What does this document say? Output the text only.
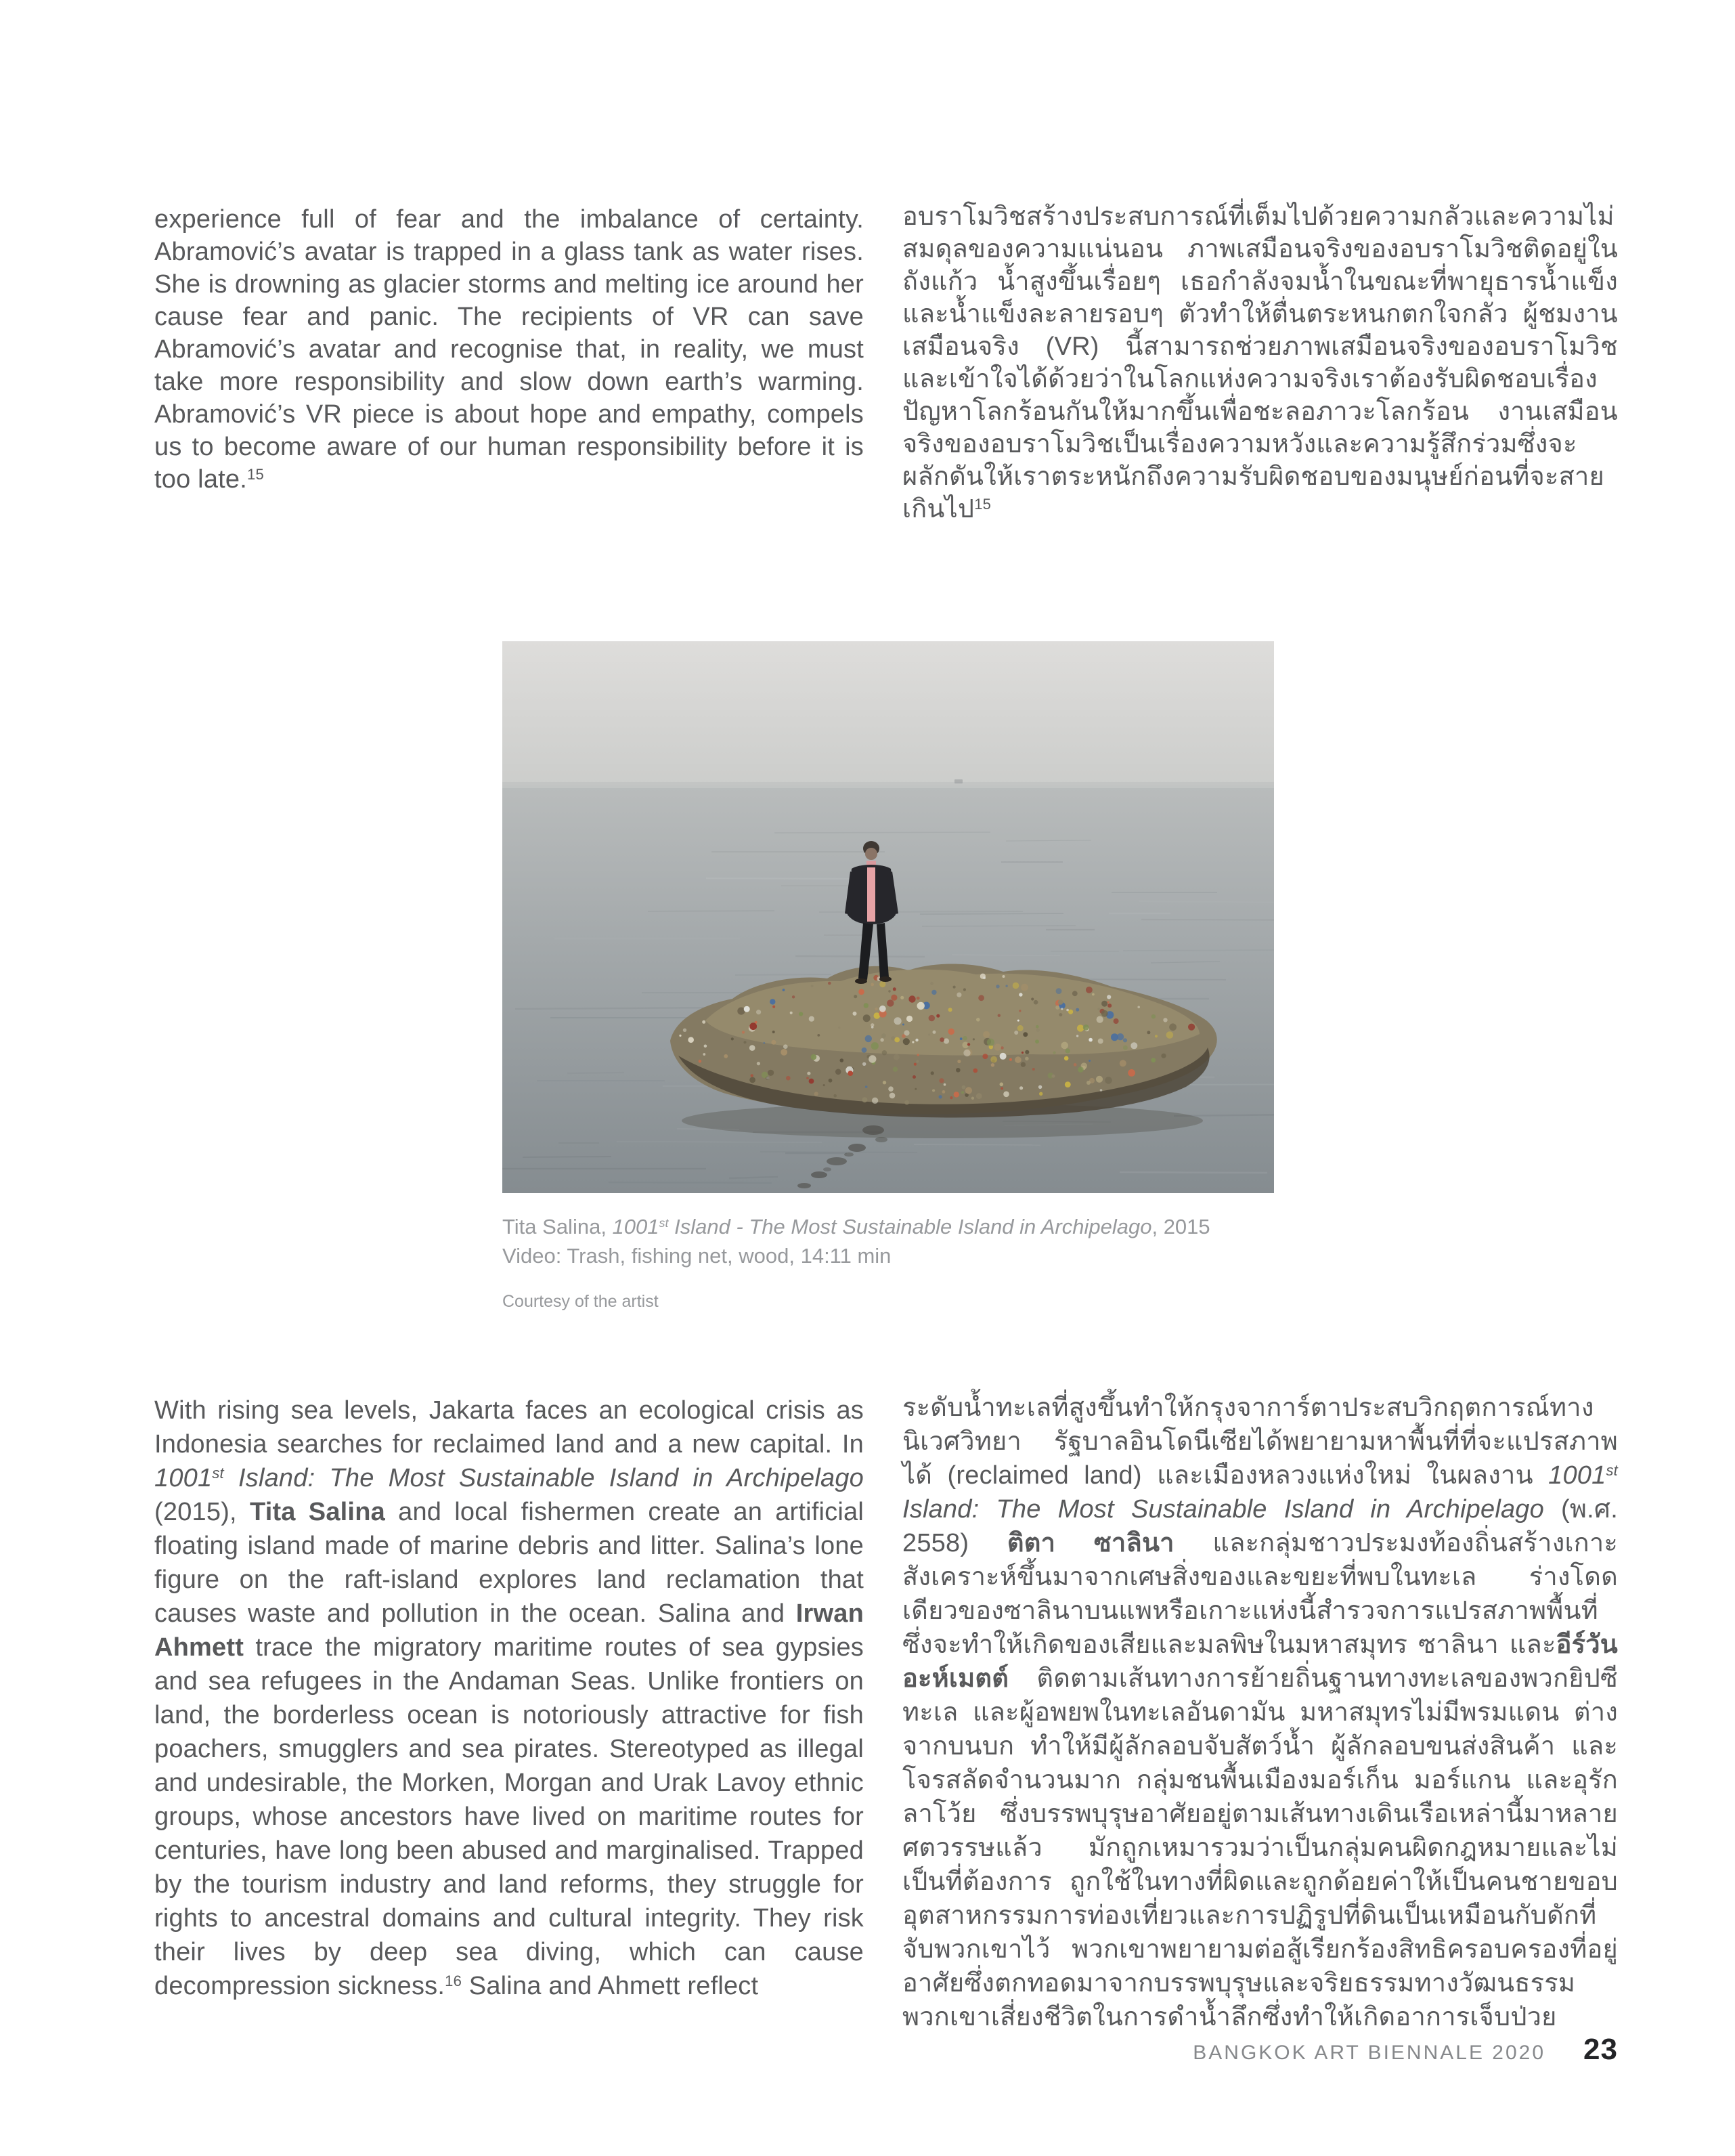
experience full of fear and the imbalance of certainty. Abramović’s avatar is trapped in a glass tank as water rises. She is drowning as glacier storms and melting ice around her cause fear and panic. The recipients of VR can save Abramović’s avatar and recognise that, in reality, we must take more responsibility and slow down earth’s warming. Abramović’s VR piece is about hope and empathy, compels us to become aware of our human responsibility before it is too late.$^{15}$

อบราโมวิชสร้างประสบการณ์ที่เต็มไปด้วยความกลัวและความไม่สมดุลของความแน่นอน ภาพเสมือนจริงของอบราโมวิชติดอยู่ในถังแก้ว น้ำสูงขึ้นเรื่อยๆ เธอกำลังจมน้ำในขณะที่พายุธารน้ำแข็งและน้ำแข็งละลายรอบๆ ตัวทำให้ตื่นตระหนกตกใจกลัว ผู้ชมงานเสมือนจริง (VR) นี้สามารถช่วยภาพเสมือนจริงของอบราโมวิช และเข้าใจได้ด้วยว่าในโลกแห่งความจริงเราต้องรับผิดชอบเรื่องปัญหาโลกร้อนกันให้มากขึ้นเพื่อชะลอภาวะโลกร้อน งานเสมือนจริงของอบราโมวิชเป็นเรื่องความหวังและความรู้สึกร่วมซึ่งจะผลักดันให้เราตระหนักถึงความรับผิดชอบของมนุษย์ก่อนที่จะสายเกินไป$^{15}$

Tita Salina, 1001st Island - The Most Sustainable Island in Archipelago, 2015
Video: Trash, fishing net, wood, 14:11 min
Courtesy of the artist

With rising sea levels, Jakarta faces an ecological crisis as Indonesia searches for reclaimed land and a new capital. In 1001st Island: The Most Sustainable Island in Archipelago (2015), Tita Salina and local fishermen create an artificial floating island made of marine debris and litter. Salina’s lone figure on the raft-island explores land reclamation that causes waste and pollution in the ocean. Salina and Irwan Ahmett trace the migratory maritime routes of sea gypsies and sea refugees in the Andaman Seas. Unlike frontiers on land, the borderless ocean is notoriously attractive for fish poachers, smugglers and sea pirates. Stereotyped as illegal and undesirable, the Morken, Morgan and Urak Lavoy ethnic groups, whose ancestors have lived on maritime routes for centuries, have long been abused and marginalised. Trapped by the tourism industry and land reforms, they struggle for rights to ancestral domains and cultural integrity. They risk their lives by deep sea diving, which can cause decompression sickness.$^{16}$ Salina and Ahmett reflect

ระดับน้ำทะเลที่สูงขึ้นทำให้กรุงจาการ์ตาประสบวิกฤตการณ์ทางนิเวศวิทยา รัฐบาลอินโดนีเซียได้พยายามหาพื้นที่ที่จะแปรสภาพได้ (reclaimed land) และเมืองหลวงแห่งใหม่ ในผลงาน 1001st Island: The Most Sustainable Island in Archipelago (พ.ศ. 2558) ติตา ซาลินา และกลุ่มชาวประมงท้องถิ่นสร้างเกาะสังเคราะห์ขึ้นมาจากเศษสิ่งของและขยะที่พบในทะเล ร่างโดดเดียวของซาลินาบนแพหรือเกาะแห่งนี้สำรวจการแปรสภาพพื้นที่ซึ่งจะทำให้เกิดของเสียและมลพิษในมหาสมุทร ซาลินา และอีร์วัน อะห์เมตต์ ติดตามเส้นทางการย้ายถิ่นฐานทางทะเลของพวกยิปซีทะเล และผู้อพยพในทะเลอันดามัน มหาสมุทรไม่มีพรมแดน ต่างจากบนบก ทำให้มีผู้ลักลอบจับสัตว์น้ำ ผู้ลักลอบขนส่งสินค้า และโจรสลัดจำนวนมาก กลุ่มชนพื้นเมืองมอร์เก็น มอร์แกน และอุรัก ลาโว้ย ซึ่งบรรพบุรุษอาศัยอยู่ตามเส้นทางเดินเรือเหล่านี้มาหลายศตวรรษแล้ว มักถูกเหมารวมว่าเป็นกลุ่มคนผิดกฎหมายและไม่เป็นที่ต้องการ ถูกใช้ในทางที่ผิดและถูกด้อยค่าให้เป็นคนชายขอบ อุตสาหกรรมการท่องเที่ยวและการปฏิรูปที่ดินเป็นเหมือนกับดักที่จับพวกเขาไว้ พวกเขาพยายามต่อสู้เรียกร้องสิทธิครอบครองที่อยู่อาศัยซึ่งตกทอดมาจากบรรพบุรุษและจริยธรรมทางวัฒนธรรม พวกเขาเสี่ยงชีวิตในการดำน้ำลึกซึ่งทำให้เกิดอาการเจ็บป่วย

BANGKOK ART BIENNALE 2020 23
